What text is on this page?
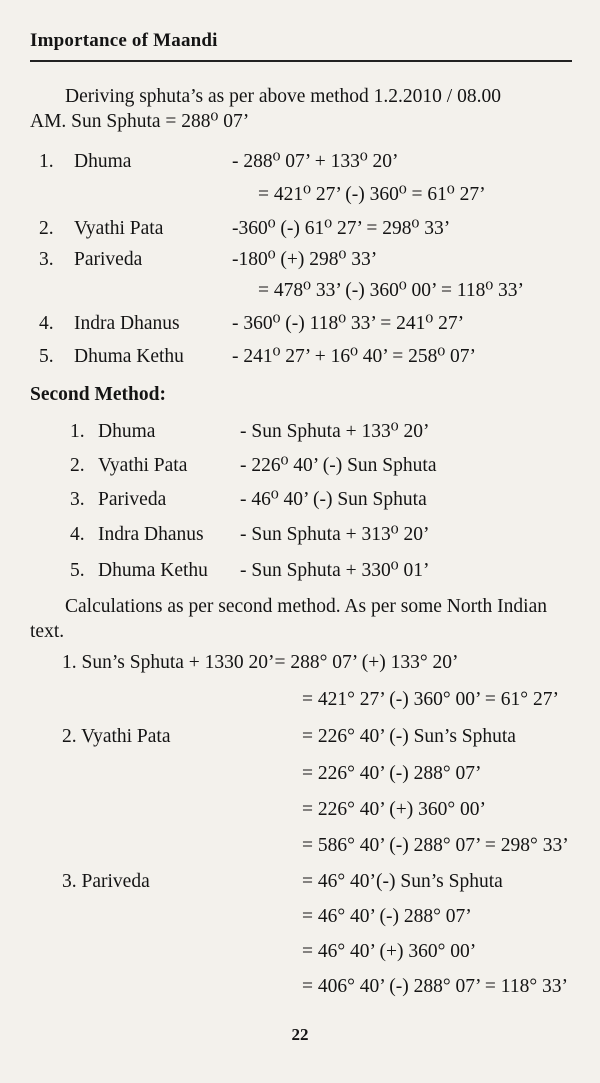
Importance of Maandi
Deriving sphuta’s as per above method 1.2.2010 / 08.00
AM. Sun Sphuta = 288⁰ 07’
1. Dhuma	- 288⁰ 07’ + 133⁰ 20’
= 421⁰ 27’ (-) 360⁰ = 61⁰ 27’
2. Vyathi Pata	-360⁰ (-) 61⁰ 27’ = 298⁰ 33’
3. Pariveda	-180⁰ (+) 298⁰ 33’
= 478⁰ 33’ (-) 360⁰ 00’ = 118⁰ 33’
4. Indra Dhanus	- 360⁰ (-) 118⁰ 33’ = 241⁰ 27’
5. Dhuma Kethu - 241⁰ 27’ + 16⁰ 40’ = 258⁰ 07’
Second Method:
1. Dhuma	- Sun Sphuta + 133⁰ 20’
2. Vyathi Pata	- 226⁰ 40’ (-) Sun Sphuta
3. Pariveda	- 46⁰ 40’ (-) Sun Sphuta
4. Indra Dhanus - Sun Sphuta + 313⁰ 20’
5. Dhuma Kethu - Sun Sphuta + 330⁰ 01’
Calculations as per second method. As per some North Indian
text.
1. Sun’s Sphuta + 1330 20’= 288° 07’ (+) 133° 20’
= 421° 27’ (-) 360° 00’ = 61° 27’
2. Vyathi Pata	= 226° 40’ (-) Sun’s Sphuta
= 226° 40’ (-) 288° 07’
= 226° 40’ (+) 360° 00’
= 586° 40’ (-) 288° 07’ = 298° 33’
3. Pariveda	= 46° 40’(-) Sun’s Sphuta
= 46° 40’ (-) 288° 07’
= 46° 40’ (+) 360° 00’
= 406° 40’ (-) 288° 07’ = 118° 33’
22
